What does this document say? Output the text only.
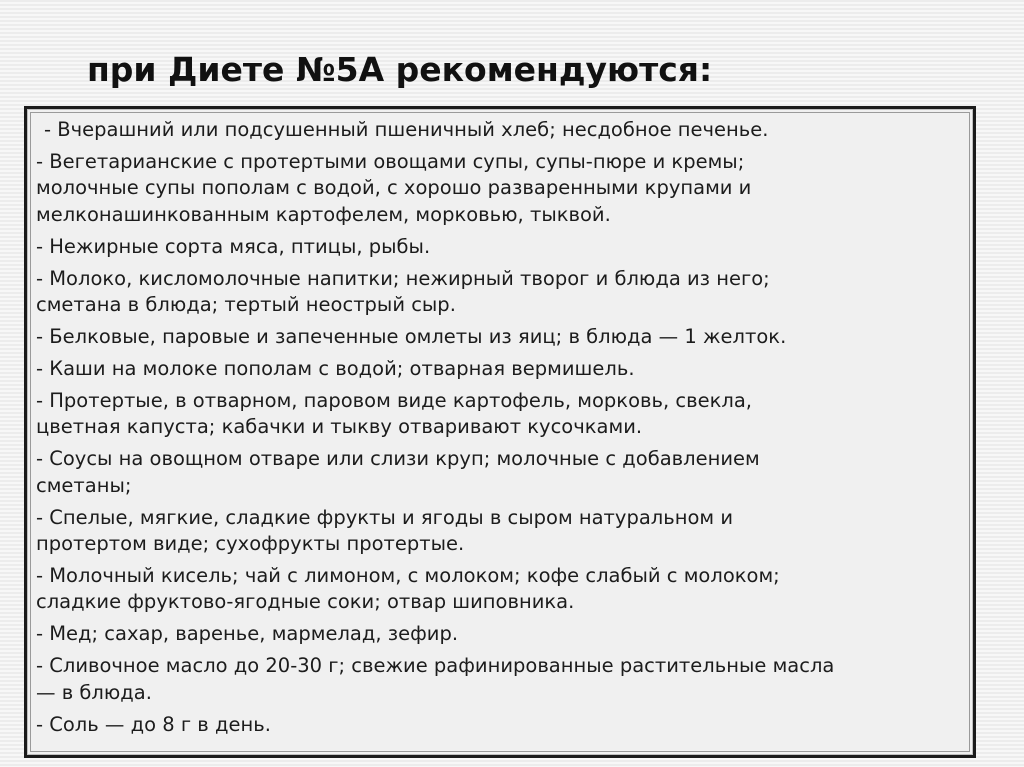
при Диете №5А рекомендуются:
- Вчерашний или подсушенный пшеничный хлеб; несдобное печенье.
- Вегетарианские с протертыми овощами супы, супы-пюре и кремы;
молочные супы пополам с водой, с хорошо разваренными крупами и
мелконашинкованным картофелем, морковью, тыквой.
- Нежирные сорта мяса, птицы, рыбы.
- Молоко, кисломолочные напитки; нежирный творог и блюда из него;
сметана в блюда; тертый неострый сыр.
- Белковые, паровые и запеченные омлеты из яиц; в блюда — 1 желток.
- Каши на молоке пополам с водой; отварная вермишель.
- Протертые, в отварном, паровом виде картофель, морковь, свекла,
цветная капуста; кабачки и тыкву отваривают кусочками.
- Соусы на овощном отваре или слизи круп; молочные с добавлением
сметаны;
- Спелые, мягкие, сладкие фрукты и ягоды в сыром натуральном и
протертом виде; сухофрукты протертые.
- Молочный кисель; чай с лимоном, с молоком; кофе слабый с молоком;
сладкие фруктово-ягодные соки; отвар шиповника.
- Мед; сахар, варенье, мармелад, зефир.
- Сливочное масло до 20-30 г; свежие рафинированные растительные масла
— в блюда.
- Соль — до 8 г в день.
